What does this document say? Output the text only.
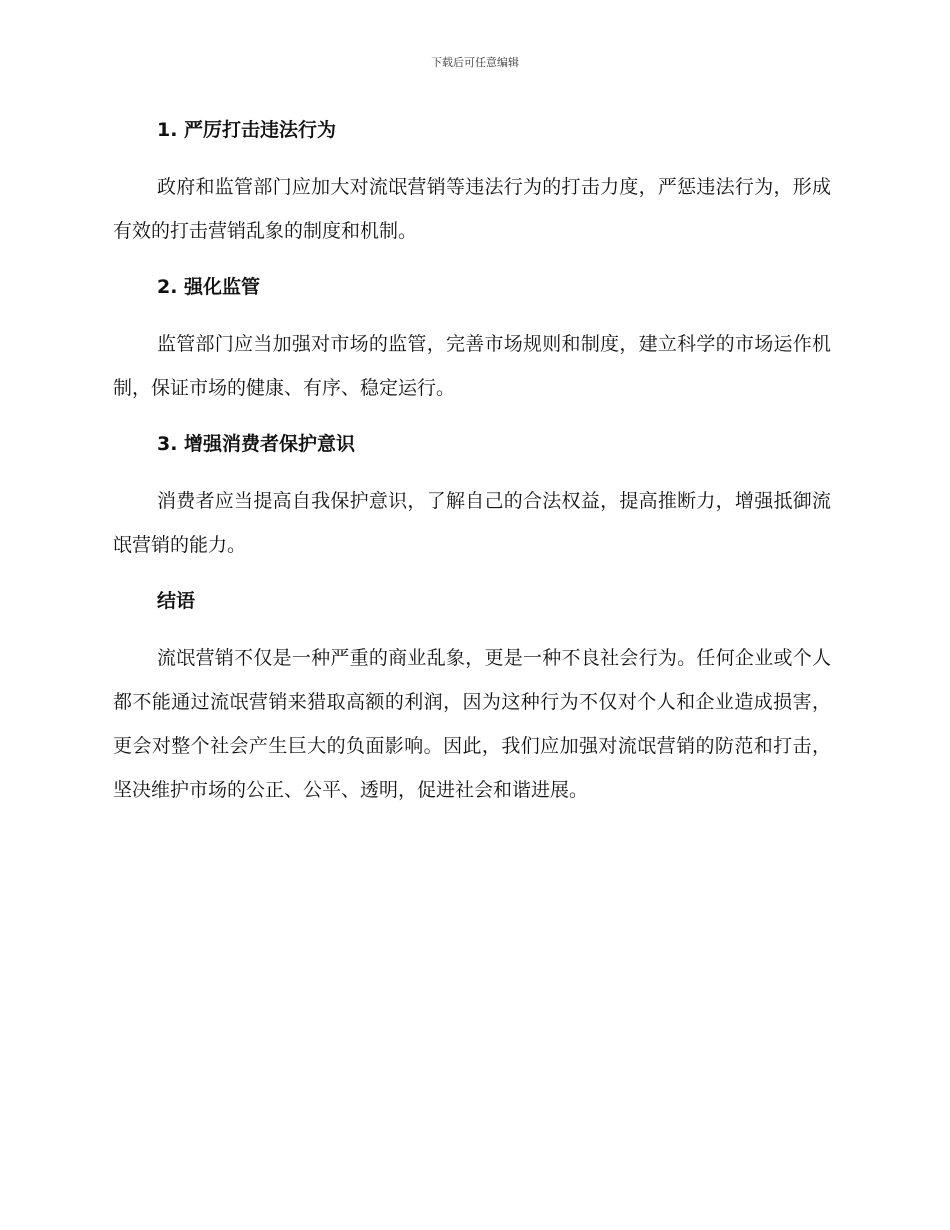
下载后可任意编辑
1. 严厉打击违法行为

政府和监管部门应加大对流氓营销等违法行为的打击力度，严惩违法行为，形成有效的打击营销乱象的制度和机制。

2. 强化监管

监管部门应当加强对市场的监管，完善市场规则和制度，建立科学的市场运作机制，保证市场的健康、有序、稳定运行。

3. 增强消费者保护意识

消费者应当提高自我保护意识，了解自己的合法权益，提高推断力，增强抵御流氓营销的能力。

结语

流氓营销不仅是一种严重的商业乱象，更是一种不良社会行为。任何企业或个人都不能通过流氓营销来猎取高额的利润，因为这种行为不仅对个人和企业造成损害，更会对整个社会产生巨大的负面影响。因此，我们应加强对流氓营销的防范和打击，坚决维护市场的公正、公平、透明，促进社会和谐进展。
